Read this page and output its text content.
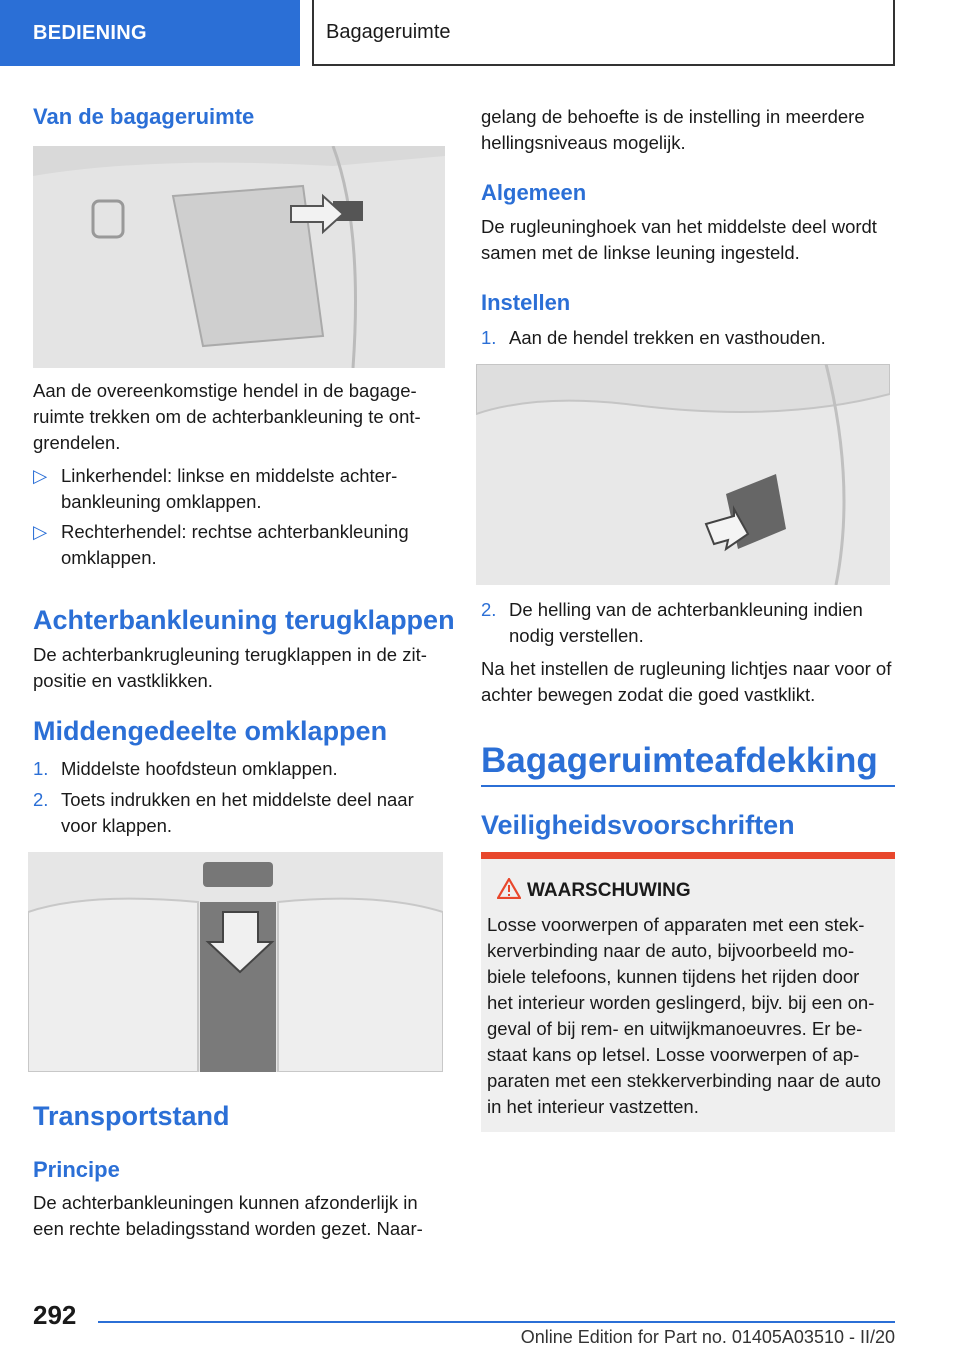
BEDIENING	Bagageruimte
Van de bagageruimte

Aan de overeenkomstige hendel in de bagage-ruimte trekken om de achterbankleuning te ont-grendelen.

▷ Linkerhendel: linkse en middelste achter-bankleuning omklappen.
▷ Rechterhendel: rechtse achterbankleuning omklappen.
Achterbankleuning terugklappen

De achterbankrugleuning terugklappen in de zit-positie en vastklikken.

Middengedeelte omklappen
1. Middelste hoofdsteun omklappen.
2. Toets indrukken en het middelste deel naar voor klappen.
Transportstand
Principe

De achterbankleuningen kunnen afzonderlijk in een rechte beladingsstand worden gezet. Naar-

gelang de behoefte is de instelling in meerdere hellingsniveaus mogelijk.

Algemeen

De rugleuninghoek van het middelste deel wordt samen met de linkse leuning ingesteld.

Instellen
1. Aan de hendel trekken en vasthouden.
2. De helling van de achterbankleuning indien nodig verstellen.

Na het instellen de rugleuning lichtjes naar voor of achter bewegen zodat die goed vastklikt.

Bagageruimteafdekking
Veiligheidsvoorschriften
WAARSCHUWING

Losse voorwerpen of apparaten met een stek-kerverbinding naar de auto, bijvoorbeeld mo-biele telefoons, kunnen tijdens het rijden door het interieur worden geslingerd, bijv. bij een on-geval of bij rem- en uitwijkmanoeuvres. Er be-staat kans op letsel. Losse voorwerpen of ap-paraten met een stekkerverbinding naar de auto in het interieur vastzetten.

292
Online Edition for Part no. 01405A03510 - II/20
